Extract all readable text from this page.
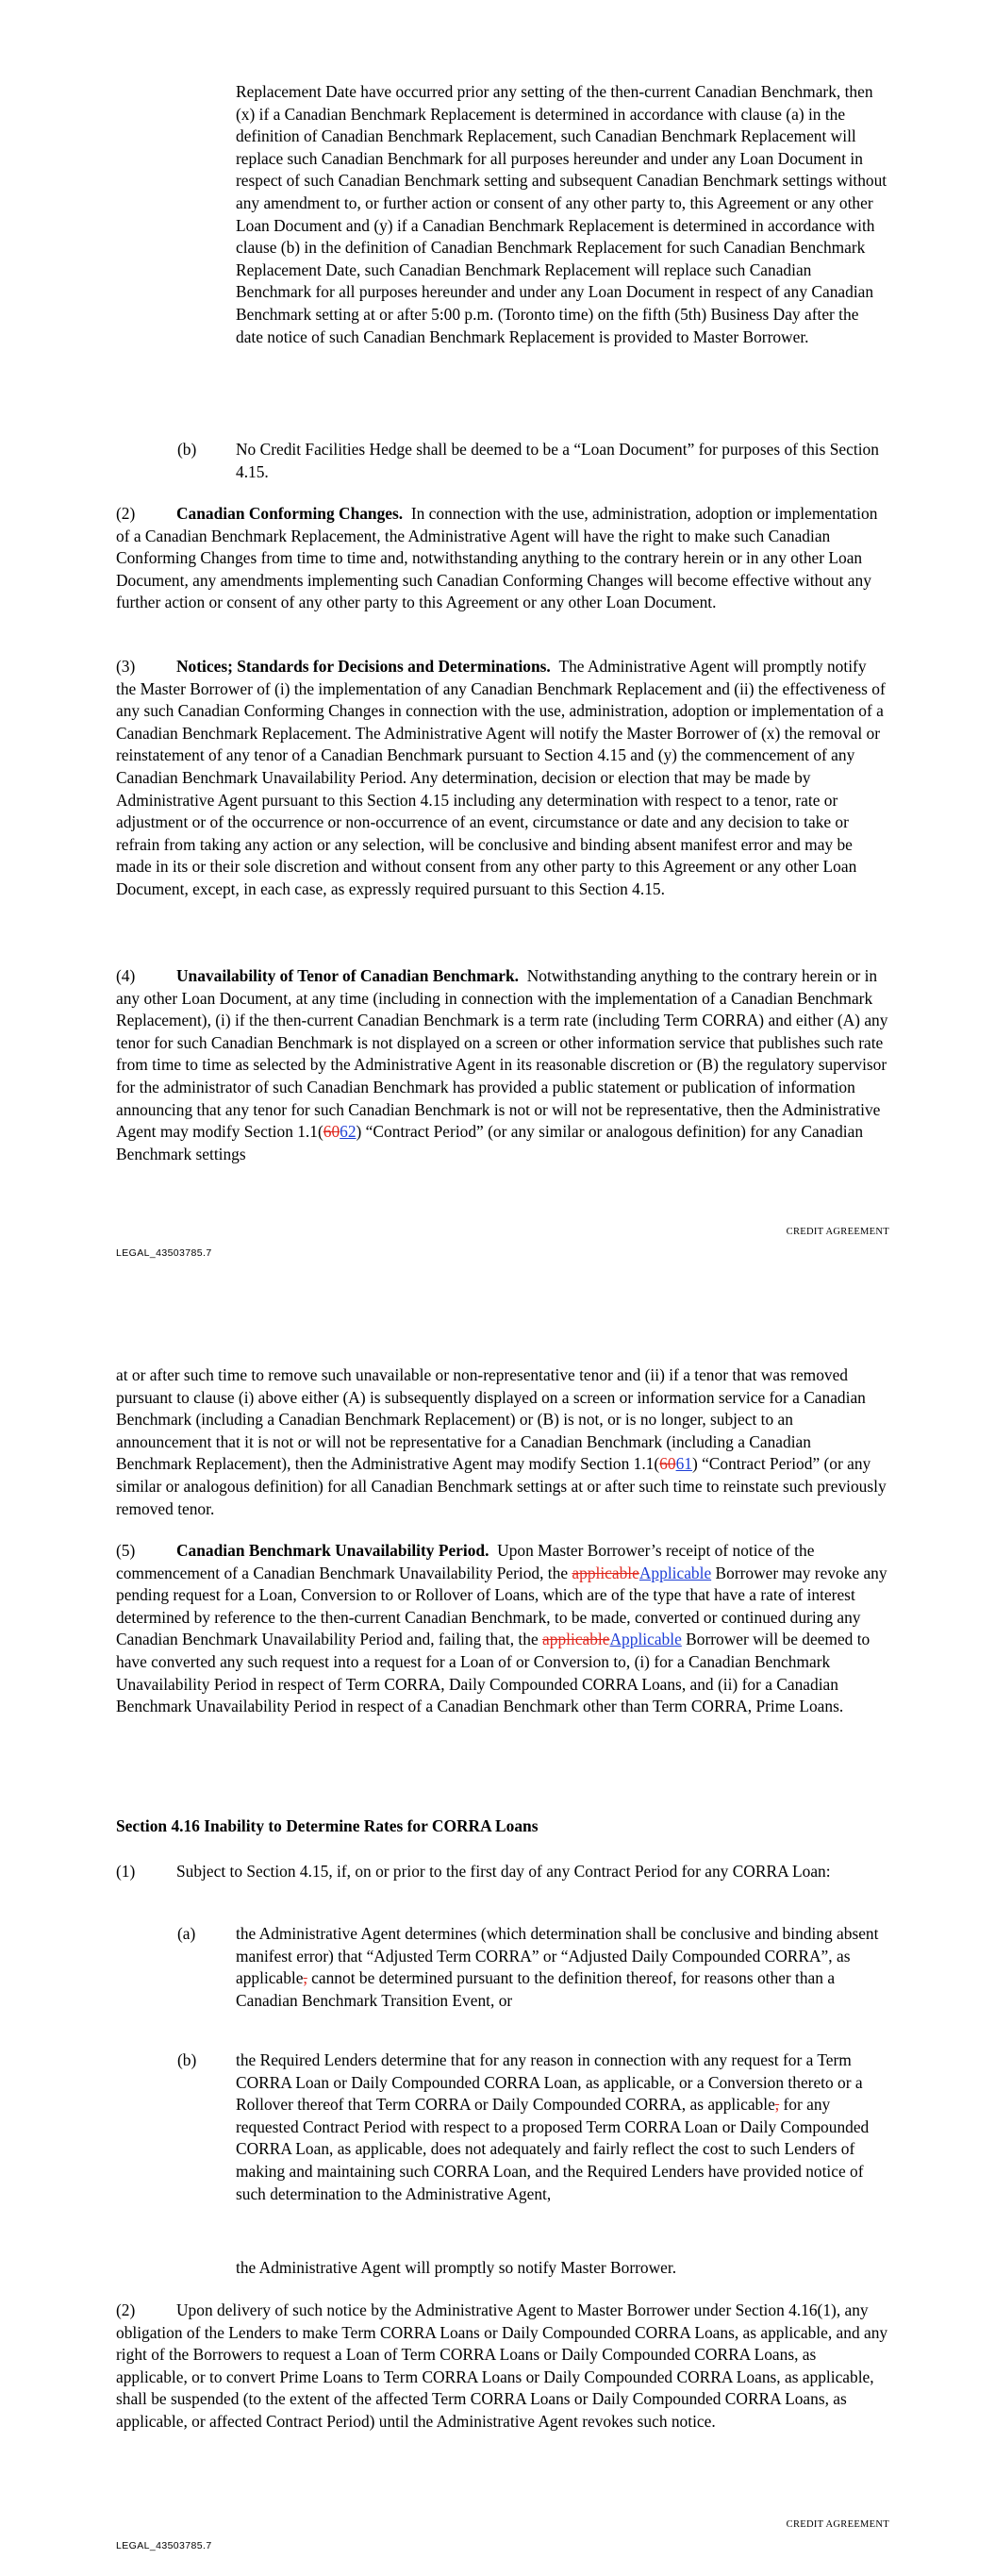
Replacement Date have occurred prior any setting of the then-current Canadian Benchmark, then (x) if a Canadian Benchmark Replacement is determined in accordance with clause (a) in the definition of Canadian Benchmark Replacement, such Canadian Benchmark Replacement will replace such Canadian Benchmark for all purposes hereunder and under any Loan Document in respect of such Canadian Benchmark setting and subsequent Canadian Benchmark settings without any amendment to, or further action or consent of any other party to, this Agreement or any other Loan Document and (y) if a Canadian Benchmark Replacement is determined in accordance with clause (b) in the definition of Canadian Benchmark Replacement for such Canadian Benchmark Replacement Date, such Canadian Benchmark Replacement will replace such Canadian Benchmark for all purposes hereunder and under any Loan Document in respect of any Canadian Benchmark setting at or after 5:00 p.m. (Toronto time) on the fifth (5th) Business Day after the date notice of such Canadian Benchmark Replacement is provided to Master Borrower.

(b) No Credit Facilities Hedge shall be deemed to be a “Loan Document” for purposes of this Section 4.15.

(2)	Canadian Conforming Changes. In connection with the use, administration, adoption or implementation of a Canadian Benchmark Replacement, the Administrative Agent will have the right to make such Canadian Conforming Changes from time to time and, notwithstanding anything to the contrary herein or in any other Loan Document, any amendments implementing such Canadian Conforming Changes will become effective without any further action or consent of any other party to this Agreement or any other Loan Document.

(3)	Notices; Standards for Decisions and Determinations. The Administrative Agent will promptly notify the Master Borrower of (i) the implementation of any Canadian Benchmark Replacement and (ii) the effectiveness of any such Canadian Conforming Changes in connection with the use, administration, adoption or implementation of a Canadian Benchmark Replacement. The Administrative Agent will notify the Master Borrower of (x) the removal or reinstatement of any tenor of a Canadian Benchmark pursuant to Section 4.15 and (y) the commencement of any Canadian Benchmark Unavailability Period. Any determination, decision or election that may be made by Administrative Agent pursuant to this Section 4.15 including any determination with respect to a tenor, rate or adjustment or of the occurrence or non-occurrence of an event, circumstance or date and any decision to take or refrain from taking any action or any selection, will be conclusive and binding absent manifest error and may be made in its or their sole discretion and without consent from any other party to this Agreement or any other Loan Document, except, in each case, as expressly required pursuant to this Section 4.15.

(4)	Unavailability of Tenor of Canadian Benchmark. Notwithstanding anything to the contrary herein or in any other Loan Document, at any time (including in connection with the implementation of a Canadian Benchmark Replacement), (i) if the then-current Canadian Benchmark is a term rate (including Term CORRA) and either (A) any tenor for such Canadian Benchmark is not displayed on a screen or other information service that publishes such rate from time to time as selected by the Administrative Agent in its reasonable discretion or (B) the regulatory supervisor for the administrator of such Canadian Benchmark has provided a public statement or publication of information announcing that any tenor for such Canadian Benchmark is not or will not be representative, then the Administrative Agent may modify Section 1.1(6062) “Contract Period” (or any similar or analogous definition) for any Canadian Benchmark settings

CREDIT AGREEMENT
LEGAL_43503785.7

at or after such time to remove such unavailable or non-representative tenor and (ii) if a tenor that was removed pursuant to clause (i) above either (A) is subsequently displayed on a screen or information service for a Canadian Benchmark (including a Canadian Benchmark Replacement) or (B) is not, or is no longer, subject to an announcement that it is not or will not be representative for a Canadian Benchmark (including a Canadian Benchmark Replacement), then the Administrative Agent may modify Section 1.1(6061) “Contract Period” (or any similar or analogous definition) for all Canadian Benchmark settings at or after such time to reinstate such previously removed tenor.

(5)	Canadian Benchmark Unavailability Period. Upon Master Borrower’s receipt of notice of the commencement of a Canadian Benchmark Unavailability Period, the applicableApplicable Borrower may revoke any pending request for a Loan, Conversion to or Rollover of Loans, which are of the type that have a rate of interest determined by reference to the then-current Canadian Benchmark, to be made, converted or continued during any Canadian Benchmark Unavailability Period and, failing that, the applicableApplicable Borrower will be deemed to have converted any such request into a request for a Loan of or Conversion to, (i) for a Canadian Benchmark Unavailability Period in respect of Term CORRA, Daily Compounded CORRA Loans, and (ii) for a Canadian Benchmark Unavailability Period in respect of a Canadian Benchmark other than Term CORRA, Prime Loans.

Section 4.16 Inability to Determine Rates for CORRA Loans

(1)	Subject to Section 4.15, if, on or prior to the first day of any Contract Period for any CORRA Loan:

(a) the Administrative Agent determines (which determination shall be conclusive and binding absent manifest error) that “Adjusted Term CORRA” or “Adjusted Daily Compounded CORRA”, as applicable, cannot be determined pursuant to the definition thereof, for reasons other than a Canadian Benchmark Transition Event, or

(b) the Required Lenders determine that for any reason in connection with any request for a Term CORRA Loan or Daily Compounded CORRA Loan, as applicable, or a Conversion thereto or a Rollover thereof that Term CORRA or Daily Compounded CORRA, as applicable, for any requested Contract Period with respect to a proposed Term CORRA Loan or Daily Compounded CORRA Loan, as applicable, does not adequately and fairly reflect the cost to such Lenders of making and maintaining such CORRA Loan, and the Required Lenders have provided notice of such determination to the Administrative Agent,

the Administrative Agent will promptly so notify Master Borrower.

(2)	Upon delivery of such notice by the Administrative Agent to Master Borrower under Section 4.16(1), any obligation of the Lenders to make Term CORRA Loans or Daily Compounded CORRA Loans, as applicable, and any right of the Borrowers to request a Loan of Term CORRA Loans or Daily Compounded CORRA Loans, as applicable, or to convert Prime Loans to Term CORRA Loans or Daily Compounded CORRA Loans, as applicable, shall be suspended (to the extent of the affected Term CORRA Loans or Daily Compounded CORRA Loans, as applicable, or affected Contract Period) until the Administrative Agent revokes such notice.

CREDIT AGREEMENT
LEGAL_43503785.7
